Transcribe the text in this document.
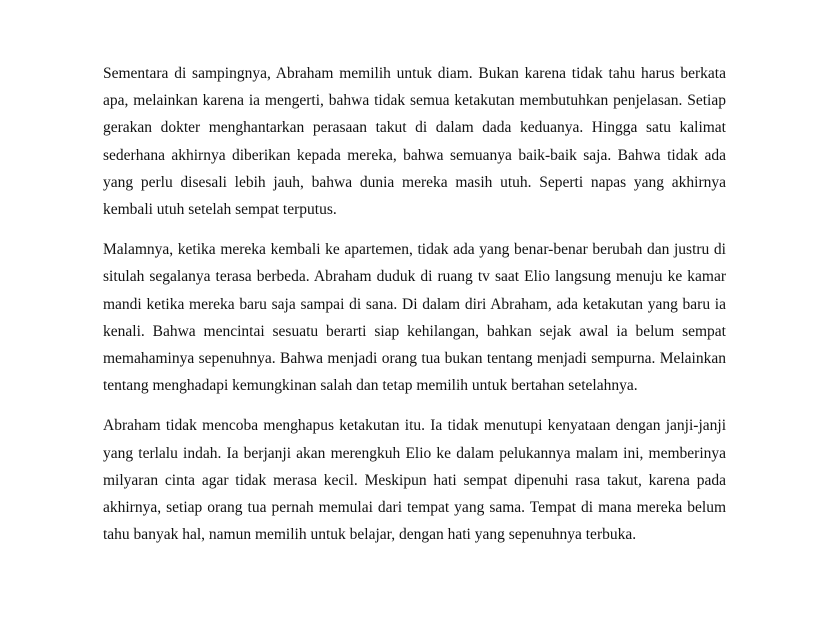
Sementara di sampingnya, Abraham memilih untuk diam. Bukan karena tidak tahu harus berkata apa, melainkan karena ia mengerti, bahwa tidak semua ketakutan membutuhkan penjelasan. Setiap gerakan dokter menghantarkan perasaan takut di dalam dada keduanya. Hingga satu kalimat sederhana akhirnya diberikan kepada mereka, bahwa semuanya baik-baik saja. Bahwa tidak ada yang perlu disesali lebih jauh, bahwa dunia mereka masih utuh. Seperti napas yang akhirnya kembali utuh setelah sempat terputus.

Malamnya, ketika mereka kembali ke apartemen, tidak ada yang benar-benar berubah dan justru di situlah segalanya terasa berbeda. Abraham duduk di ruang tv saat Elio langsung menuju ke kamar mandi ketika mereka baru saja sampai di sana. Di dalam diri Abraham, ada ketakutan yang baru ia kenali. Bahwa mencintai sesuatu berarti siap kehilangan, bahkan sejak awal ia belum sempat memahaminya sepenuhnya. Bahwa menjadi orang tua bukan tentang menjadi sempurna. Melainkan tentang menghadapi kemungkinan salah dan tetap memilih untuk bertahan setelahnya.

Abraham tidak mencoba menghapus ketakutan itu. Ia tidak menutupi kenyataan dengan janji-janji yang terlalu indah. Ia berjanji akan merengkuh Elio ke dalam pelukannya malam ini, memberinya milyaran cinta agar tidak merasa kecil. Meskipun hati sempat dipenuhi rasa takut, karena pada akhirnya, setiap orang tua pernah memulai dari tempat yang sama. Tempat di mana mereka belum tahu banyak hal, namun memilih untuk belajar, dengan hati yang sepenuhnya terbuka.
